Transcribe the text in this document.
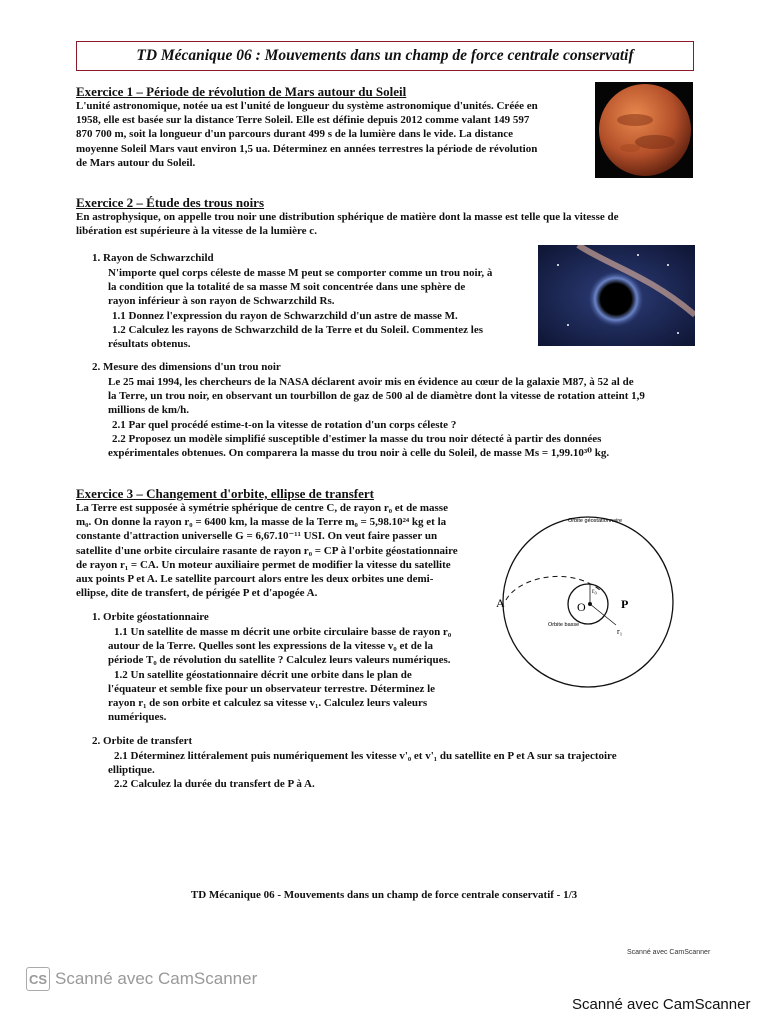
TD Mécanique 06 : Mouvements dans un champ de force centrale conservatif
Exercice 1 – Période de révolution de Mars autour du Soleil

L'unité astronomique, notée ua est l'unité de longueur du système astronomique d'unités. Créée en

1958, elle est basée sur la distance Terre Soleil. Elle est définie depuis 2012 comme valant 149 597

870 700 m, soit la longueur d'un parcours durant 499 s de la lumière dans le vide. La distance

moyenne Soleil Mars vaut environ 1,5 ua. Déterminez en années terrestres la période de révolution

de Mars autour du Soleil.

Exercice 2 – Étude des trous noirs

En astrophysique, on appelle trou noir une distribution sphérique de matière dont la masse est telle que la vitesse de

libération est supérieure à la vitesse de la lumière c.

1. Rayon de Schwarzchild

N'importe quel corps céleste de masse M peut se comporter comme un trou noir, à

la condition que la totalité de sa masse M soit concentrée dans une sphère de

rayon inférieur à son rayon de Schwarzchild Rs.

1.1 Donnez l'expression du rayon de Schwarzchild d'un astre de masse M.

1.2 Calculez les rayons de Schwarzchild de la Terre et du Soleil. Commentez les

résultats obtenus.

2. Mesure des dimensions d'un trou noir

Le 25 mai 1994, les chercheurs de la NASA déclarent avoir mis en évidence au cœur de la galaxie M87, à 52 al de

la Terre, un trou noir, en observant un tourbillon de gaz de 500 al de diamètre dont la vitesse de rotation atteint 1,9

millions de km/h.

2.1 Par quel procédé estime-t-on la vitesse de rotation d'un corps céleste ?

2.2 Proposez un modèle simplifié susceptible d'estimer la masse du trou noir détecté à partir des données

expérimentales obtenues. On comparera la masse du trou noir à celle du Soleil, de masse Ms = 1,99.10³⁰ kg.

Exercice 3 – Changement d'orbite, ellipse de transfert

La Terre est supposée à symétrie sphérique de centre C, de rayon r₀ et de masse

m₀. On donne la rayon r₀ = 6400 km, la masse de la Terre m₀ = 5,98.10²⁴ kg et la

constante d'attraction universelle G = 6,67.10⁻¹¹ USI. On veut faire passer un

satellite d'une orbite circulaire rasante de rayon r₀ = CP à l'orbite géostationnaire

de rayon r₁ = CA. Un moteur auxiliaire permet de modifier la vitesse du satellite

aux points P et A. Le satellite parcourt alors entre les deux orbites une demi-

ellipse, dite de transfert, de périgée P et d'apogée A.

Orbite géostationnaire
Orbite basse
A	P
O
r₀
r₁
1. Orbite géostationnaire

1.1 Un satellite de masse m décrit une orbite circulaire basse de rayon r₀

autour de la Terre. Quelles sont les expressions de la vitesse v₀ et de la

période T₀ de révolution du satellite ? Calculez leurs valeurs numériques.

1.2 Un satellite géostationnaire décrit une orbite dans le plan de

l'équateur et semble fixe pour un observateur terrestre. Déterminez le

rayon r₁ de son orbite et calculez sa vitesse v₁. Calculez leurs valeurs

numériques.

2. Orbite de transfert

2.1 Déterminez littéralement puis numériquement les vitesse v'₀ et v'₁ du satellite en P et A sur sa trajectoire

elliptique.

2.2 Calculez la durée du transfert de P à A.

TD Mécanique 06 - Mouvements dans un champ de force centrale conservatif - 1/3
Scanné avec CamScanner
CS Scanné avec CamScanner
Scanné avec CamScanner
